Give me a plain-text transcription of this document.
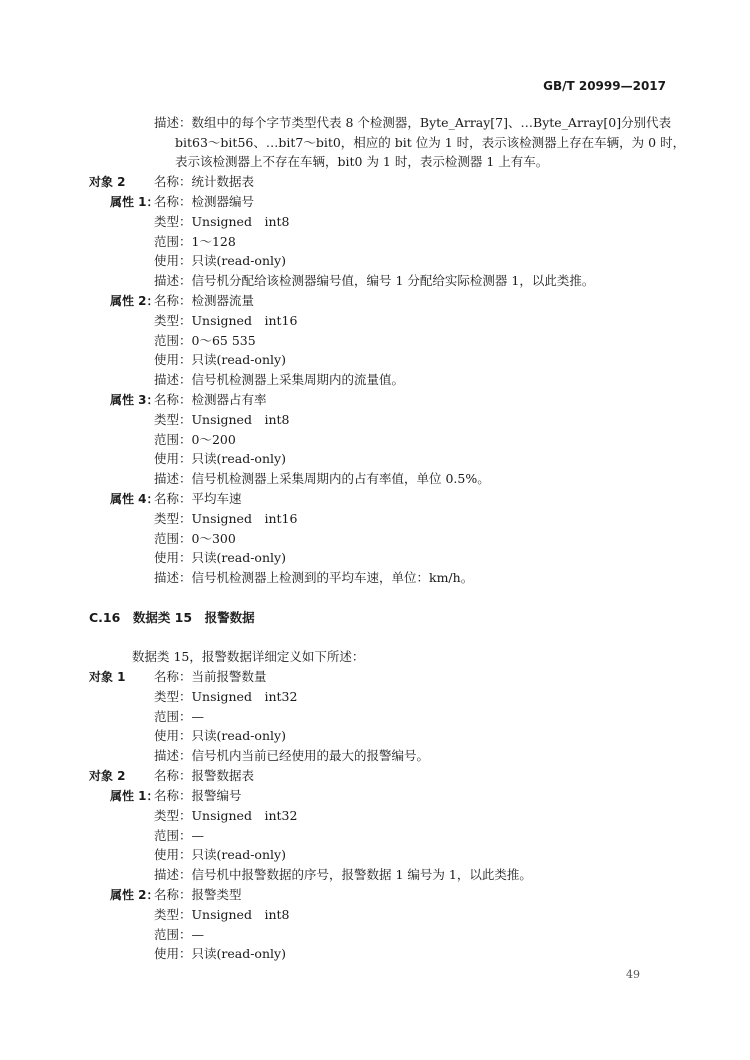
GB/T 20999—2017
描述：数组中的每个字节类型代表 8 个检测器，Byte_Array[7]、…Byte_Array[0]分别代表
bit63～bit56、…bit7～bit0，相应的 bit 位为 1 时，表示该检测器上存在车辆，为 0 时，
表示该检测器上不存在车辆，bit0 为 1 时，表示检测器 1 上有车。
对象 2 名称：统计数据表
属性 1：
名称：检测器编号
类型：Unsigned　int8
范围：1～128
使用：只读(read-only)
描述：信号机分配给该检测器编号值，编号 1 分配给实际检测器 1，以此类推。
属性 2：
名称：检测器流量
类型：Unsigned　int16
范围：0～65 535
使用：只读(read-only)
描述：信号机检测器上采集周期内的流量值。
属性 3：
名称：检测器占有率
类型：Unsigned　int8
范围：0～200
使用：只读(read-only)
描述：信号机检测器上采集周期内的占有率值，单位 0.5%。
属性 4：
名称：平均车速
类型：Unsigned　int16
范围：0～300
使用：只读(read-only)
描述：信号机检测器上检测到的平均车速，单位：km/h。
C.16　数据类 15　报警数据
数据类 15，报警数据详细定义如下所述：
对象 1 名称：当前报警数量
类型：Unsigned　int32
范围：—
使用：只读(read-only)
描述：信号机内当前已经使用的最大的报警编号。
对象 2 名称：报警数据表
属性 1：
名称：报警编号
类型：Unsigned　int32
范围：—
使用：只读(read-only)
描述：信号机中报警数据的序号，报警数据 1 编号为 1，以此类推。
属性 2：
名称：报警类型
类型：Unsigned　int8
范围：—
使用：只读(read-only)
49
